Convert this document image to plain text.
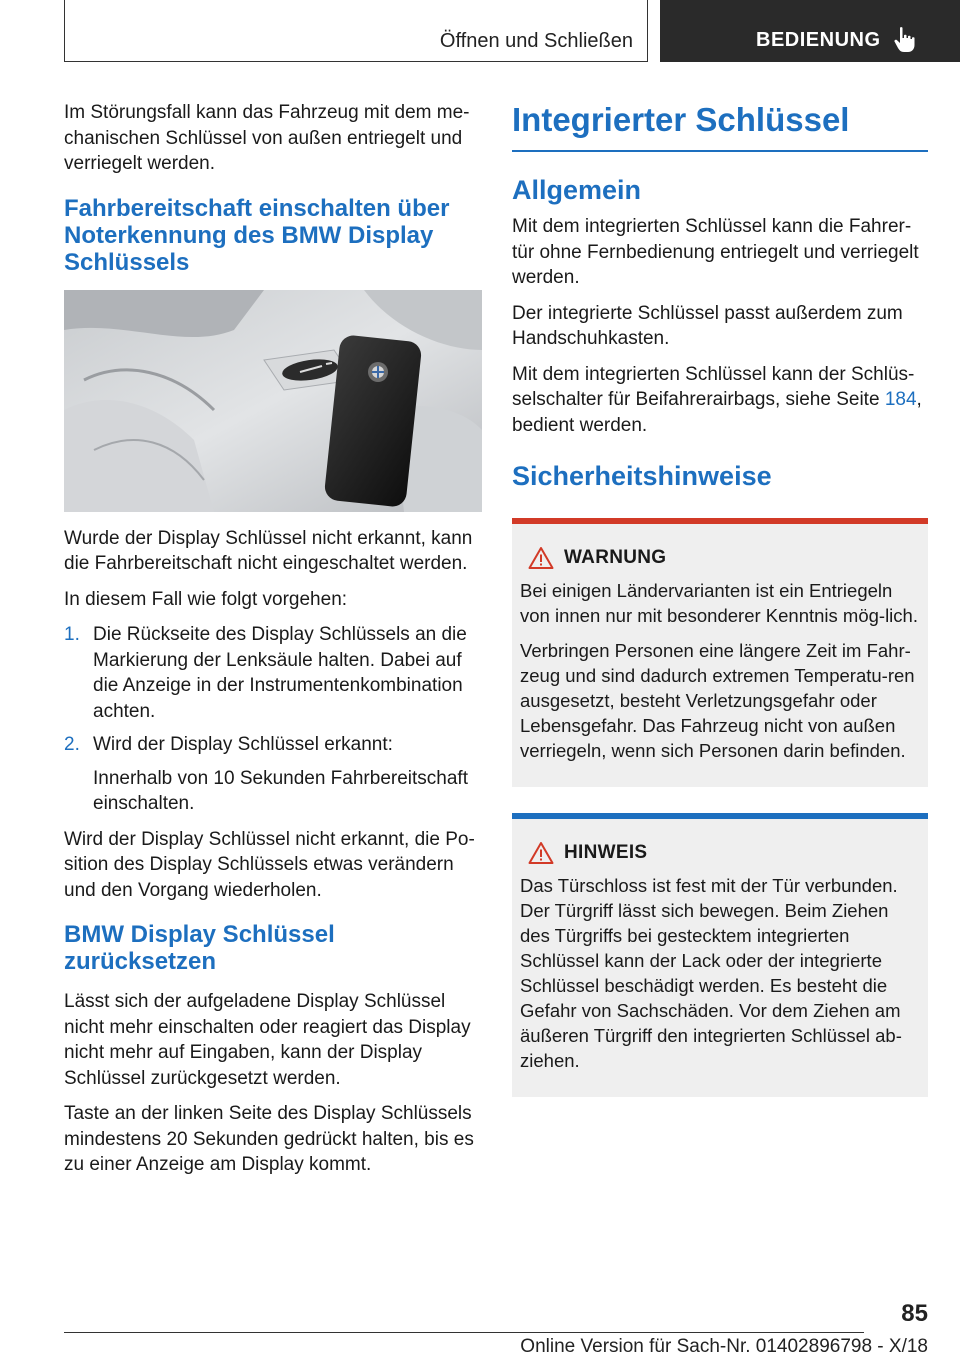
Öffnen und Schließen	BEDIENUNG

Im Störungsfall kann das Fahrzeug mit dem me-chanischen Schlüssel von außen entriegelt und verriegelt werden.

Fahrbereitschaft einschalten über Noterkennung des BMW Display Schlüssels

Wurde der Display Schlüssel nicht erkannt, kann die Fahrbereitschaft nicht eingeschaltet werden.

In diesem Fall wie folgt vorgehen:

1. Die Rückseite des Display Schlüssels an die Markierung der Lenksäule halten. Dabei auf die Anzeige in der Instrumentenkombination achten.
2. Wird der Display Schlüssel erkannt:
Innerhalb von 10 Sekunden Fahrbereitschaft einschalten.

Wird der Display Schlüssel nicht erkannt, die Po-sition des Display Schlüssels etwas verändern und den Vorgang wiederholen.

BMW Display Schlüssel zurücksetzen

Lässt sich der aufgeladene Display Schlüssel nicht mehr einschalten oder reagiert das Display nicht mehr auf Eingaben, kann der Display Schlüssel zurückgesetzt werden.

Taste an der linken Seite des Display Schlüssels mindestens 20 Sekunden gedrückt halten, bis es zu einer Anzeige am Display kommt.

Integrierter Schlüssel
Allgemein

Mit dem integrierten Schlüssel kann die Fahrer-tür ohne Fernbedienung entriegelt und verriegelt werden.

Der integrierte Schlüssel passt außerdem zum Handschuhkasten.

Mit dem integrierten Schlüssel kann der Schlüs-selschalter für Beifahrerairbags, siehe Seite 184, bedient werden.

Sicherheitshinweise
WARNUNG

Bei einigen Ländervarianten ist ein Entriegeln von innen nur mit besonderer Kenntnis mög-lich.

Verbringen Personen eine längere Zeit im Fahr-zeug und sind dadurch extremen Temperatu-ren ausgesetzt, besteht Verletzungsgefahr oder Lebensgefahr. Das Fahrzeug nicht von außen verriegeln, wenn sich Personen darin befinden.

HINWEIS

Das Türschloss ist fest mit der Tür verbunden. Der Türgriff lässt sich bewegen. Beim Ziehen des Türgriffs bei gestecktem integrierten Schlüssel kann der Lack oder der integrierte Schlüssel beschädigt werden. Es besteht die Gefahr von Sachschäden. Vor dem Ziehen am äußeren Türgriff den integrierten Schlüssel ab-ziehen.

85
Online Version für Sach-Nr. 01402896798 - X/18
